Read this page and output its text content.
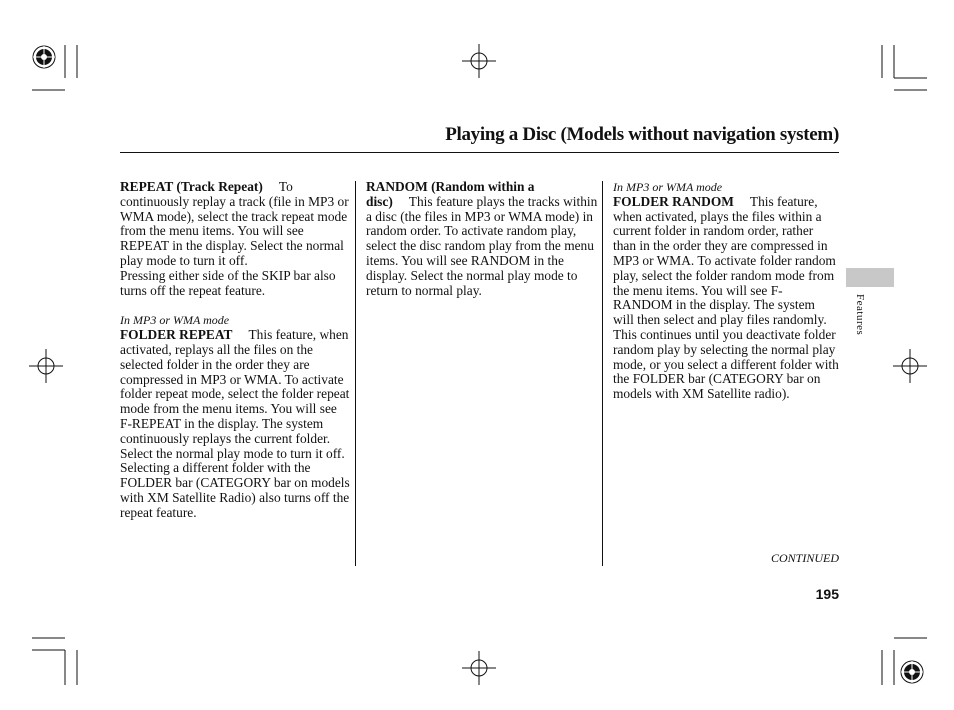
Playing a Disc (Models without navigation system)

REPEAT (Track Repeat) To continuously replay a track (file in MP3 or WMA mode), select the track repeat mode from the menu items. You will see REPEAT in the display. Select the normal play mode to turn it off.

Pressing either side of the SKIP bar also turns off the repeat feature.

In MP3 or WMA mode

FOLDER REPEAT This feature, when activated, replays all the files on the selected folder in the order they are compressed in MP3 or WMA. To activate folder repeat mode, select the folder repeat mode from the menu items. You will see F-REPEAT in the display. The system continuously replays the current folder. Select the normal play mode to turn it off. Selecting a different folder with the FOLDER bar (CATEGORY bar on models with XM Satellite Radio) also turns off the repeat feature.

RANDOM (Random within a disc) This feature plays the tracks within a disc (the files in MP3 or WMA mode) in random order. To activate random play, select the disc random play from the menu items. You will see RANDOM in the display. Select the normal play mode to return to normal play.

In MP3 or WMA mode

FOLDER RANDOM This feature, when activated, plays the files within a current folder in random order, rather than in the order they are compressed in MP3 or WMA. To activate folder random play, select the folder random mode from the menu items. You will see F-RANDOM in the display. The system will then select and play files randomly. This continues until you deactivate folder random play by selecting the normal play mode, or you select a different folder with the FOLDER bar (CATEGORY bar on models with XM Satellite radio).

Features
CONTINUED
195
